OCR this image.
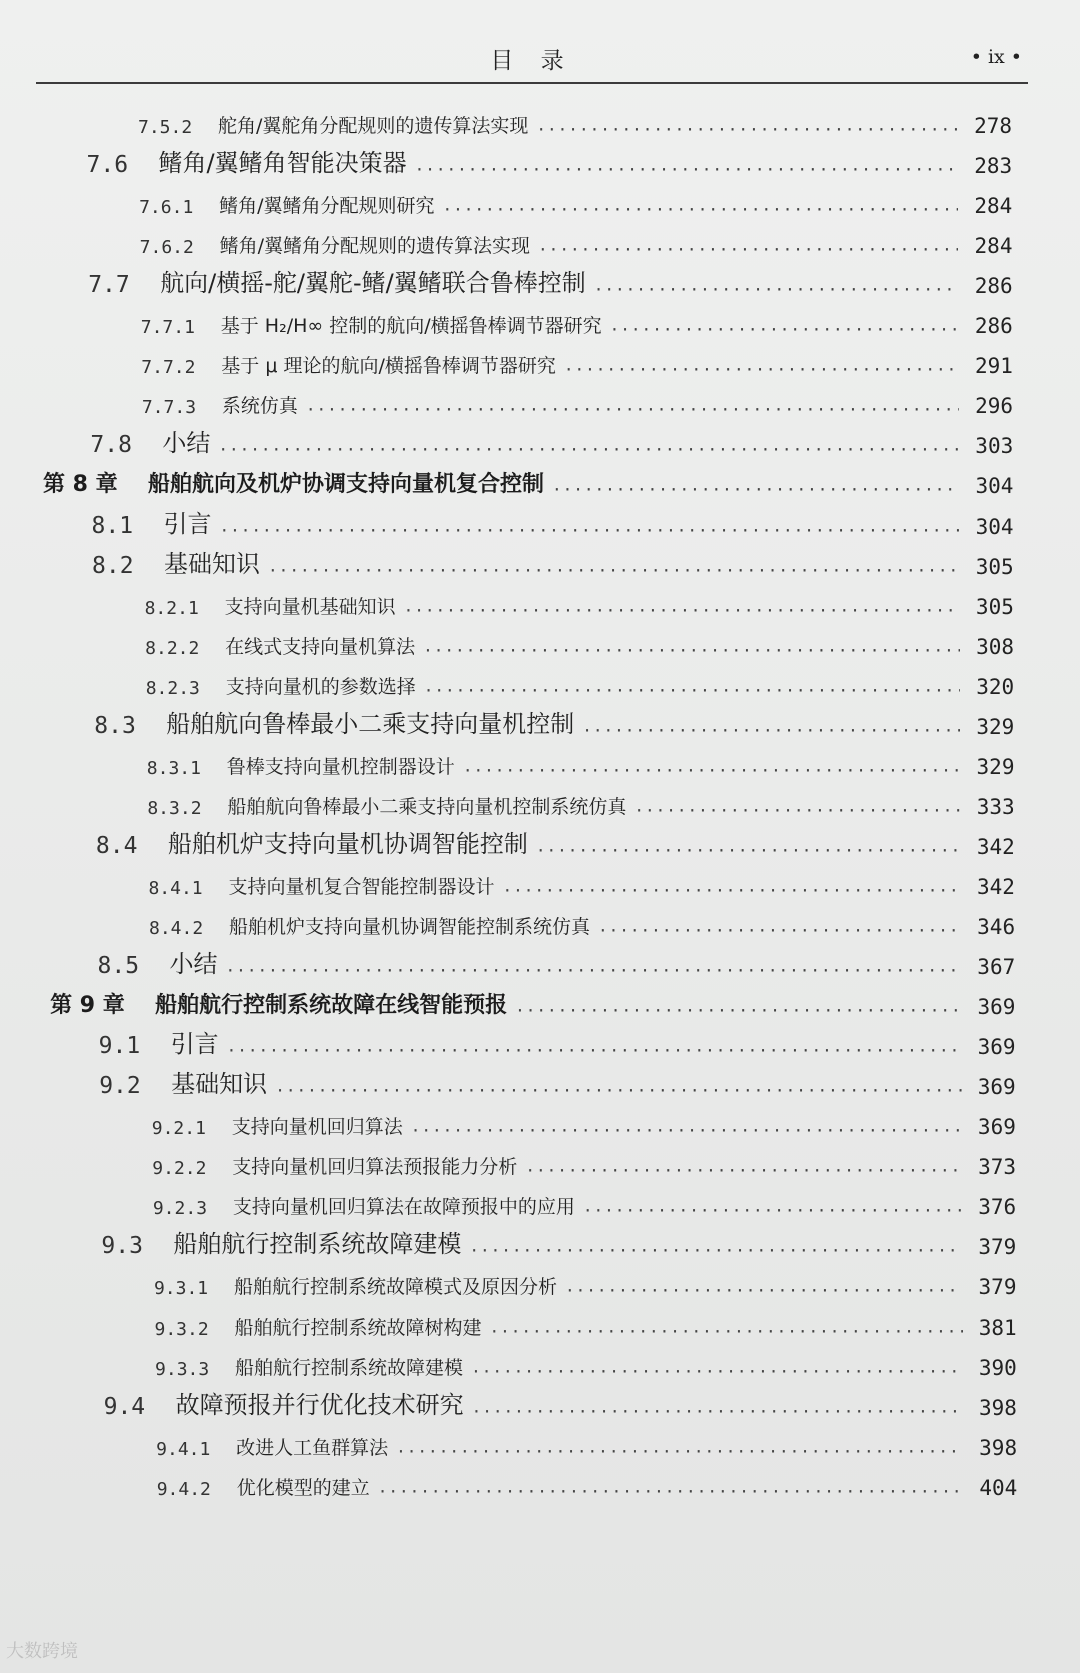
目 录	• ix •
7.5.2	舵角/翼舵角分配规则的遗传算法实现 ·····	278
7.6	鳍角/翼鳍角智能决策器 ·····	283
7.6.1	鳍角/翼鳍角分配规则研究 ·····	284
7.6.2	鳍角/翼鳍角分配规则的遗传算法实现 ·····	284
7.7	航向/横摇-舵/翼舵-鳍/翼鳍联合鲁棒控制 ·····	286
7.7.1	基于 H₂/H∞ 控制的航向/横摇鲁棒调节器研究 ·····	286
7.7.2	基于 μ 理论的航向/横摇鲁棒调节器研究 ·····	291
7.7.3	系统仿真 ·····	296
7.8	小结 ·····	303
第 8 章	船舶航向及机炉协调支持向量机复合控制 ·····	304
8.1	引言 ·····	304
8.2	基础知识 ·····	305
8.2.1	支持向量机基础知识 ·····	305
8.2.2	在线式支持向量机算法 ·····	308
8.2.3	支持向量机的参数选择 ·····	320
8.3	船舶航向鲁棒最小二乘支持向量机控制 ·····	329
8.3.1	鲁棒支持向量机控制器设计 ·····	329
8.3.2	船舶航向鲁棒最小二乘支持向量机控制系统仿真 ·····	333
8.4	船舶机炉支持向量机协调智能控制 ·····	342
8.4.1	支持向量机复合智能控制器设计 ·····	342
8.4.2	船舶机炉支持向量机协调智能控制系统仿真 ·····	346
8.5	小结 ·····	367
第 9 章	船舶航行控制系统故障在线智能预报 ·····	369
9.1	引言 ·····	369
9.2	基础知识 ·····	369
9.2.1	支持向量机回归算法 ·····	369
9.2.2	支持向量机回归算法预报能力分析 ·····	373
9.2.3	支持向量机回归算法在故障预报中的应用 ·····	376
9.3	船舶航行控制系统故障建模 ·····	379
9.3.1	船舶航行控制系统故障模式及原因分析 ·····	379
9.3.2	船舶航行控制系统故障树构建 ·····	381
9.3.3	船舶航行控制系统故障建模 ·····	390
9.4	故障预报并行优化技术研究 ·····	398
9.4.1	改进人工鱼群算法 ·····	398
9.4.2	优化模型的建立 ·····	404
大数跨境
